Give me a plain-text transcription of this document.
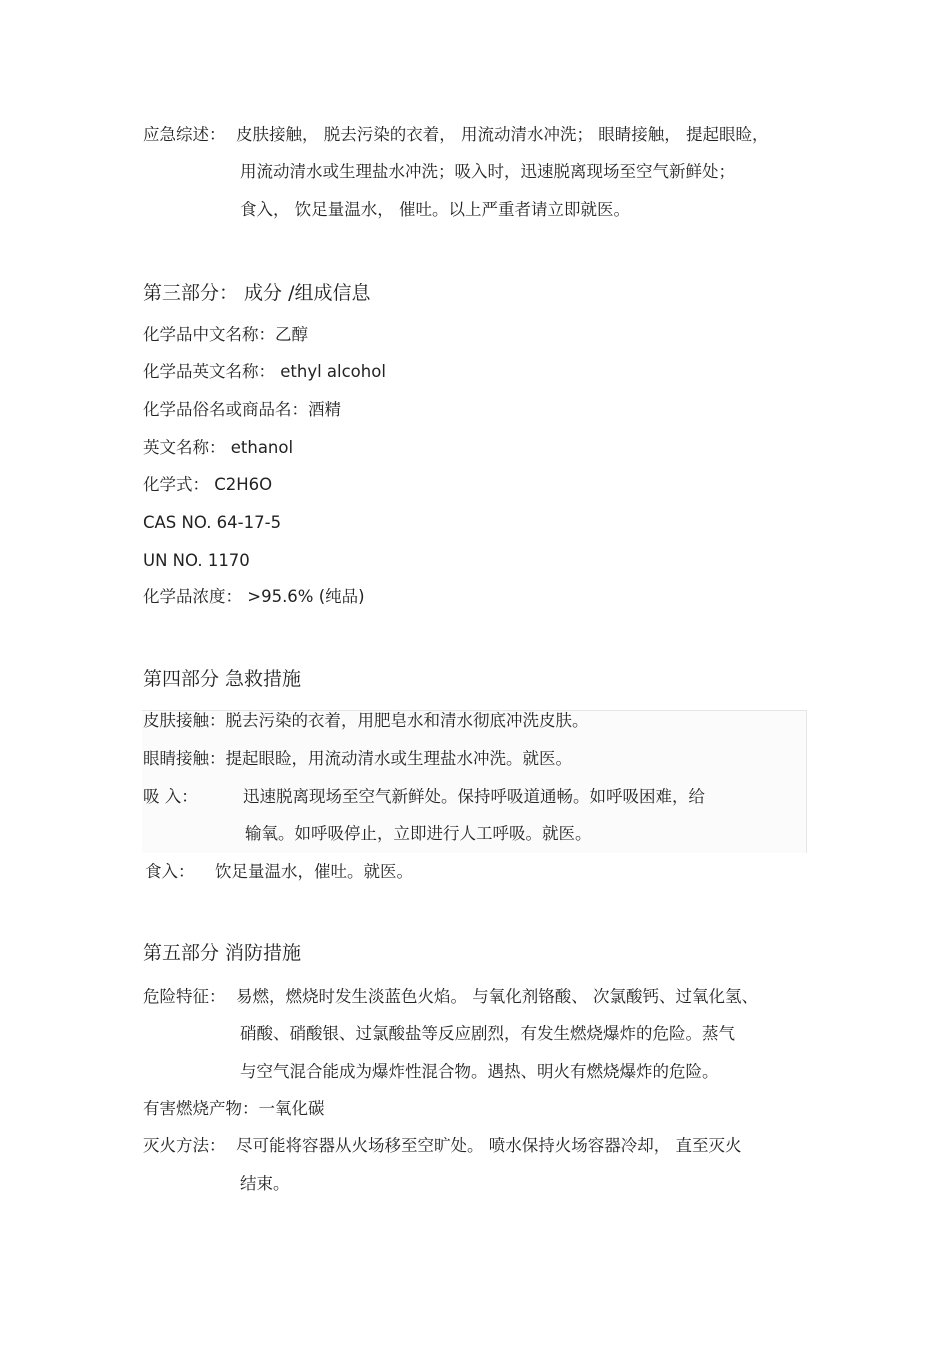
应急综述： 皮肤接触， 脱去污染的衣着， 用流动清水冲洗； 眼睛接触， 提起眼睑，
用流动清水或生理盐水冲洗；吸入时，迅速脱离现场至空气新鲜处；
食入， 饮足量温水， 催吐。以上严重者请立即就医。
第三部分： 成分 /组成信息
化学品中文名称：乙醇
化学品英文名称： ethyl alcohol
化学品俗名或商品名：酒精
英文名称： ethanol
化学式： C2H6O
CAS NO. 64-17-5
UN NO. 1170
化学品浓度： >95.6% (纯品)
第四部分 急救措施
皮肤接触：脱去污染的衣着，用肥皂水和清水彻底冲洗皮肤。
眼睛接触：提起眼睑，用流动清水或生理盐水冲洗。就医。
吸 入：	迅速脱离现场至空气新鲜处。保持呼吸道通畅。如呼吸困难，给
输氧。如呼吸停止，立即进行人工呼吸。就医。
食入： 饮足量温水，催吐。就医。
第五部分 消防措施
危险特征： 易燃，燃烧时发生淡蓝色火焰。 与氧化剂铬酸、 次氯酸钙、过氧化氢、
硝酸、硝酸银、过氯酸盐等反应剧烈，有发生燃烧爆炸的危险。蒸气
与空气混合能成为爆炸性混合物。遇热、明火有燃烧爆炸的危险。
有害燃烧产物：一氧化碳
灭火方法： 尽可能将容器从火场移至空旷处。 喷水保持火场容器冷却， 直至灭火
结束。
